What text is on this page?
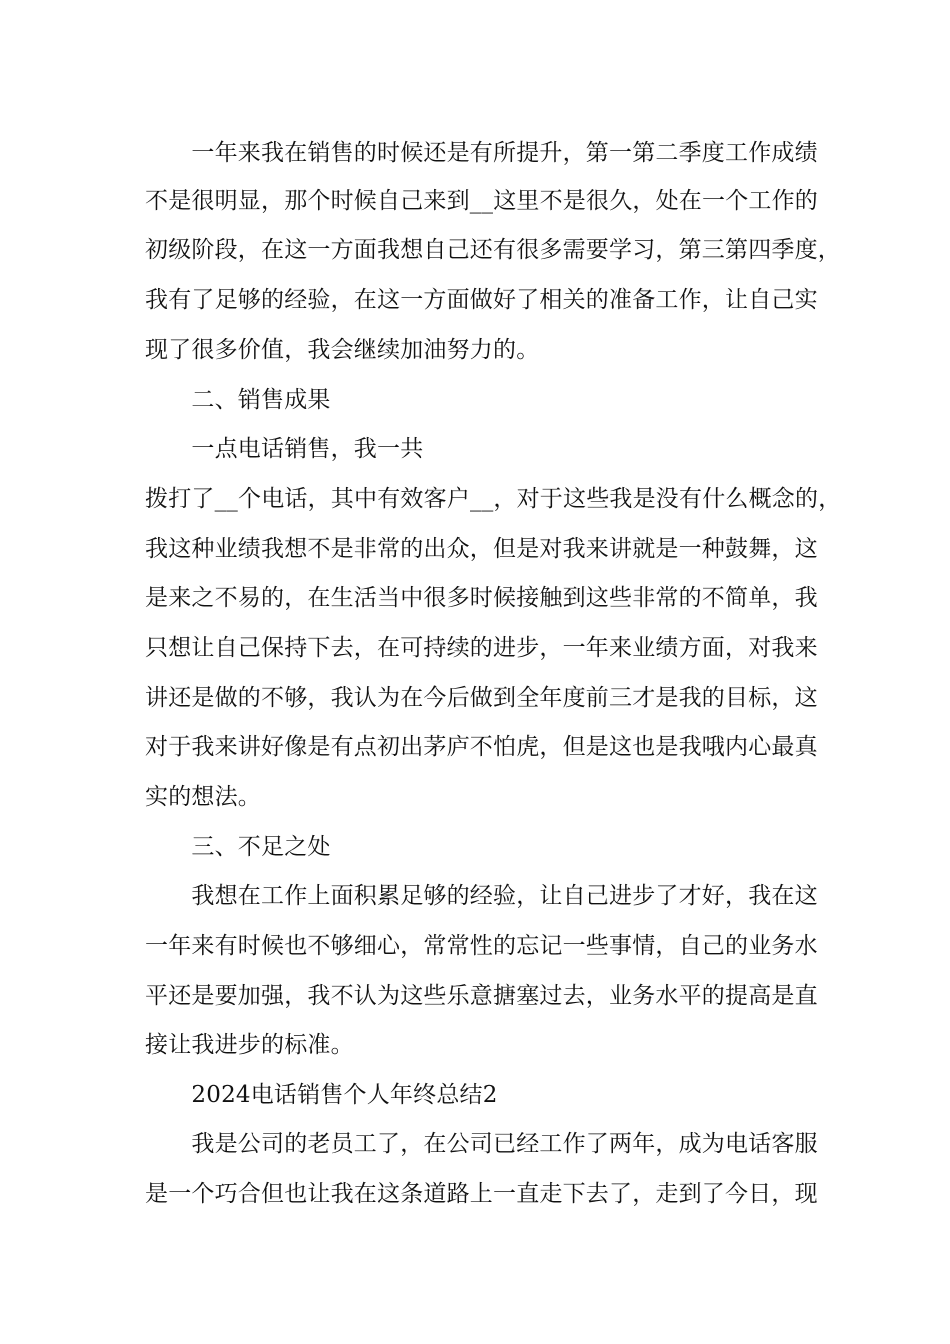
　　一年来我在销售的时候还是有所提升，第一第二季度工作成绩
不是很明显，那个时候自己来到__这里不是很久，处在一个工作的
初级阶段，在这一方面我想自己还有很多需要学习，第三第四季度，
我有了足够的经验，在这一方面做好了相关的准备工作，让自己实
现了很多价值，我会继续加油努力的。
　　二、销售成果
　　一点电话销售，我一共
拨打了__个电话，其中有效客户__，对于这些我是没有什么概念的，
我这种业绩我想不是非常的出众，但是对我来讲就是一种鼓舞，这
是来之不易的，在生活当中很多时候接触到这些非常的不简单，我
只想让自己保持下去，在可持续的进步，一年来业绩方面，对我来
讲还是做的不够，我认为在今后做到全年度前三才是我的目标，这
对于我来讲好像是有点初出茅庐不怕虎，但是这也是我哦内心最真
实的想法。
　　三、不足之处
　　我想在工作上面积累足够的经验，让自己进步了才好，我在这
一年来有时候也不够细心，常常性的忘记一些事情，自己的业务水
平还是要加强，我不认为这些乐意搪塞过去，业务水平的提高是直
接让我进步的标准。
　　2024电话销售个人年终总结2
　　我是公司的老员工了，在公司已经工作了两年，成为电话客服
是一个巧合但也让我在这条道路上一直走下去了，走到了今日，现
